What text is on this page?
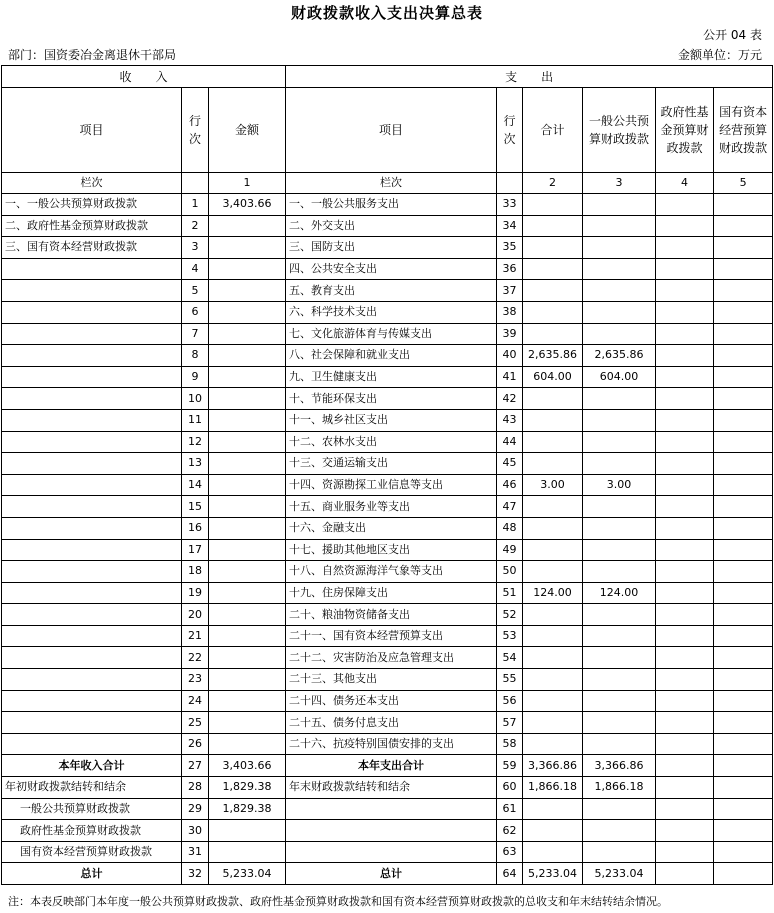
财政拨款收入支出决算总表
公开 04 表
部门：国资委冶金离退休干部局	金额单位：万元
收　　入			支　　出					
项目	行次	金额	项目	行次	合计	一般公共预算财政拨款	政府性基金预算财政拨款	国有资本经营预算财政拨款
栏次		1	栏次		2	3	4	5
一、一般公共预算财政拨款	1	3,403.66	一、一般公共服务支出	33				
二、政府性基金预算财政拨款	2		二、外交支出	34				
三、国有资本经营财政拨款	3		三、国防支出	35				
	4		四、公共安全支出	36				
	5		五、教育支出	37				
	6		六、科学技术支出	38				
	7		七、文化旅游体育与传媒支出	39				
	8		八、社会保障和就业支出	40	2,635.86	2,635.86		
	9		九、卫生健康支出	41	604.00	604.00		
	10		十、节能环保支出	42				
	11		十一、城乡社区支出	43				
	12		十二、农林水支出	44				
	13		十三、交通运输支出	45				
	14		十四、资源勘探工业信息等支出	46	3.00	3.00		
	15		十五、商业服务业等支出	47				
	16		十六、金融支出	48				
	17		十七、援助其他地区支出	49				
	18		十八、自然资源海洋气象等支出	50				
	19		十九、住房保障支出	51	124.00	124.00		
	20		二十、粮油物资储备支出	52				
	21		二十一、国有资本经营预算支出	53				
	22		二十二、灾害防治及应急管理支出	54				
	23		二十三、其他支出	55				
	24		二十四、债务还本支出	56				
	25		二十五、债务付息支出	57				
	26		二十六、抗疫特别国债安排的支出	58				
本年收入合计	27	3,403.66	本年支出合计	59	3,366.86	3,366.86		
年初财政拨款结转和结余	28	1,829.38	年末财政拨款结转和结余	60	1,866.18	1,866.18		
一般公共预算财政拨款	29	1,829.38		61				
政府性基金预算财政拨款	30			62				
国有资本经营预算财政拨款	31			63				
总计	32	5,233.04	总计	64	5,233.04	5,233.04		
注：本表反映部门本年度一般公共预算财政拨款、政府性基金预算财政拨款和国有资本经营预算财政拨款的总收支和年末结转结余情况。
